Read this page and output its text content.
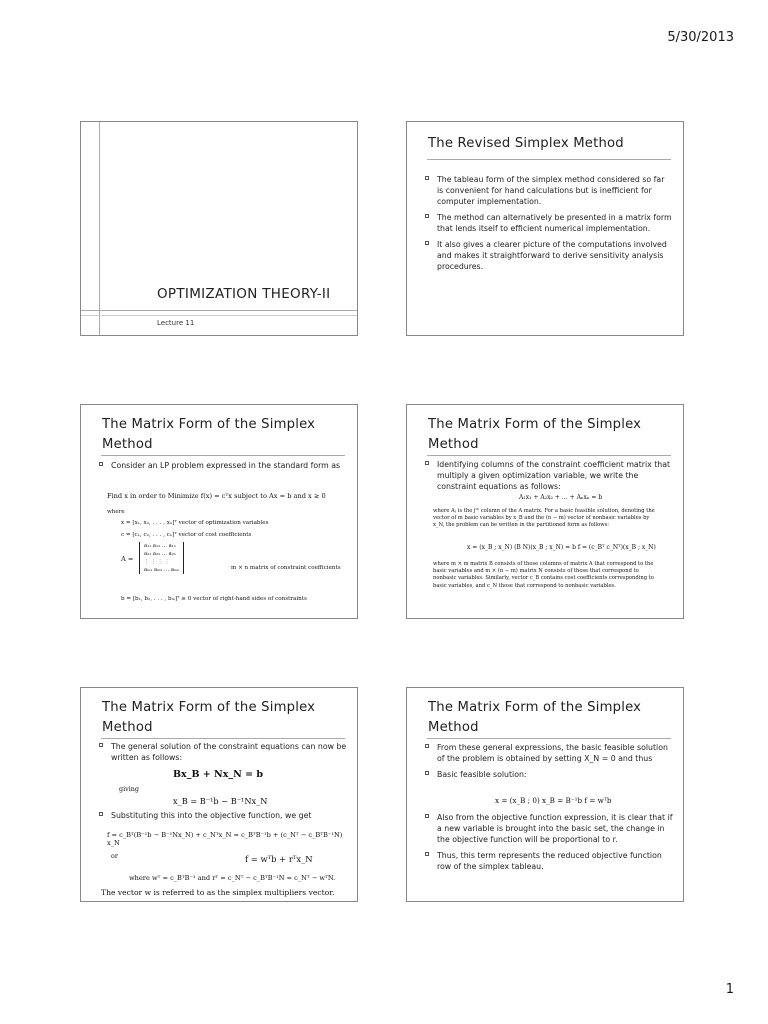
5/30/2013
OPTIMIZATION THEORY-II
Lecture 11
The Revised Simplex Method
The tableau form of the simplex method considered so far is convenient for hand calculations but is inefficient for computer implementation.
The method can alternatively be presented in a matrix form that lends itself to efficient numerical implementation.
It also gives a clearer picture of the computations involved and makes it straightforward to derive sensitivity analysis procedures.
The Matrix Form of the Simplex Method
Consider an LP problem expressed in the standard form as
Find x in order to Minimize f(x) = cᵀx subject to Ax = b and x ≥ 0
where
x = [x₁, x₂, . . . , xₙ]ᵀ vector of optimization variables
c = [c₁, c₂, . . . , cₙ]ᵀ vector of cost coefficients
A =
a₁₁ a₁₂ … a₁ₙ
a₂₁ a₂₂ … a₂ₙ
⋮ ⋮ ⋮ ⋮
aₘ₁ aₘ₂ … aₘₙ	m × n matrix of constraint coefficients
b = [b₁, b₂, . . . , bₘ]ᵀ ≥ 0 vector of right-hand sides of constraints
The Matrix Form of the Simplex Method
Identifying columns of the constraint coefficient matrix that multiply a given optimization variable, we write the constraint equations as follows:
A₁x₁ + A₂x₂ + … + Aₙxₙ = b
where Aⱼ is the jᵗʰ column of the A matrix. For a basic feasible solution, denoting the vector of m basic variables by x_B and the (n − m) vector of nonbasic variables by x_N, the problem can be written in the partitioned form as follows:
x = (x_B ; x_N) (B N)(x_B ; x_N) = b f = (c_Bᵀ c_Nᵀ)(x_B ; x_N)
where m × m matrix B consists of those columns of matrix A that correspond to the basic variables and m × (n − m) matrix N consists of those that correspond to nonbasic variables. Similarly, vector c_B contains cost coefficients corresponding to basic variables, and c_N those that correspond to nonbasic variables.
The Matrix Form of the Simplex Method
The general solution of the constraint equations can now be written as follows:
Bx_B + Nx_N = b
giving
x_B = B⁻¹b − B⁻¹Nx_N
Substituting this into the objective function, we get
f = c_Bᵀ(B⁻¹b − B⁻¹Nx_N) + c_Nᵀx_N = c_BᵀB⁻¹b + (c_Nᵀ − c_BᵀB⁻¹N) x_N
or	f = wᵀb + rᵀx_N
where wᵀ = c_BᵀB⁻¹ and rᵀ = c_Nᵀ − c_BᵀB⁻¹N = c_Nᵀ − wᵀN.
The vector w is referred to as the simplex multipliers vector.
The Matrix Form of the Simplex Method
From these general expressions, the basic feasible solution of the problem is obtained by setting X_N = 0 and thus
Basic feasible solution:
x = (x_B ; 0) x_B = B⁻¹b f = wᵀb
Also from the objective function expression, it is clear that if a new variable is brought into the basic set, the change in the objective function will be proportional to r.
Thus, this term represents the reduced objective function row of the simplex tableau.
1
